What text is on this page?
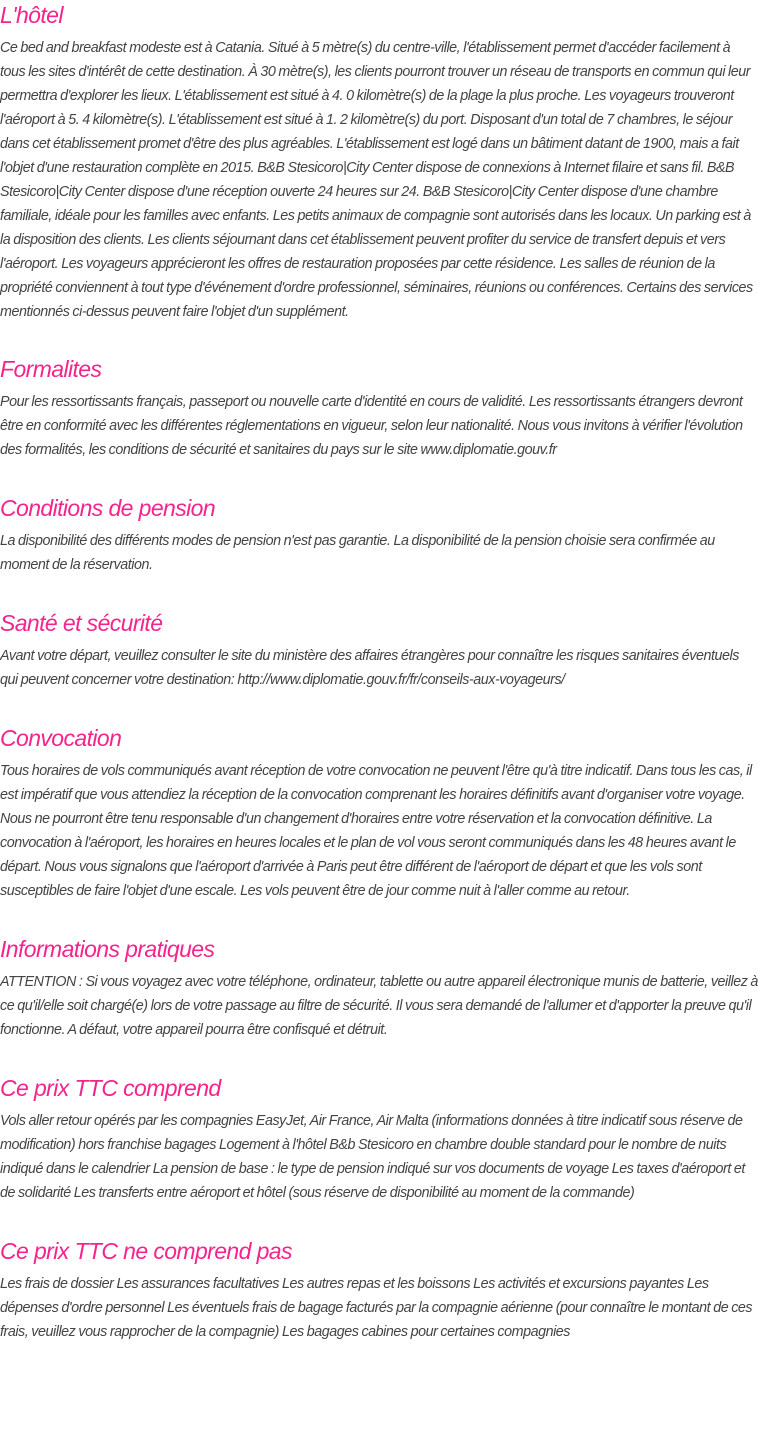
L'hôtel

Ce bed and breakfast modeste est à Catania. Situé à 5 mètre(s) du centre-ville, l'établissement permet d'accéder facilement à tous les sites d'intérêt de cette destination. À 30 mètre(s), les clients pourront trouver un réseau de transports en commun qui leur permettra d'explorer les lieux. L'établissement est situé à 4. 0 kilomètre(s) de la plage la plus proche. Les voyageurs trouveront l'aéroport à 5. 4 kilomètre(s). L'établissement est situé à 1. 2 kilomètre(s) du port. Disposant d'un total de 7 chambres, le séjour dans cet établissement promet d'être des plus agréables. L'établissement est logé dans un bâtiment datant de 1900, mais a fait l'objet d'une restauration complète en 2015. B&B Stesicoro|City Center dispose de connexions à Internet filaire et sans fil. B&B Stesicoro|City Center dispose d'une réception ouverte 24 heures sur 24. B&B Stesicoro|City Center dispose d'une chambre familiale, idéale pour les familles avec enfants. Les petits animaux de compagnie sont autorisés dans les locaux. Un parking est à la disposition des clients. Les clients séjournant dans cet établissement peuvent profiter du service de transfert depuis et vers l'aéroport. Les voyageurs apprécieront les offres de restauration proposées par cette résidence. Les salles de réunion de la propriété conviennent à tout type d'événement d'ordre professionnel, séminaires, réunions ou conférences. Certains des services mentionnés ci-dessus peuvent faire l'objet d'un supplément.

Formalites

Pour les ressortissants français, passeport ou nouvelle carte d'identité en cours de validité. Les ressortissants étrangers devront être en conformité avec les différentes réglementations en vigueur, selon leur nationalité. Nous vous invitons à vérifier l'évolution des formalités, les conditions de sécurité et sanitaires du pays sur le site www.diplomatie.gouv.fr

Conditions de pension

La disponibilité des différents modes de pension n'est pas garantie. La disponibilité de la pension choisie sera confirmée au moment de la réservation.

Santé et sécurité

Avant votre départ, veuillez consulter le site du ministère des affaires étrangères pour connaître les risques sanitaires éventuels qui peuvent concerner votre destination: http://www.diplomatie.gouv.fr/fr/conseils-aux-voyageurs/

Convocation

Tous horaires de vols communiqués avant réception de votre convocation ne peuvent l'être qu'à titre indicatif. Dans tous les cas, il est impératif que vous attendiez la réception de la convocation comprenant les horaires définitifs avant d'organiser votre voyage. Nous ne pourront être tenu responsable d'un changement d'horaires entre votre réservation et la convocation définitive. La convocation à l'aéroport, les horaires en heures locales et le plan de vol vous seront communiqués dans les 48 heures avant le départ. Nous vous signalons que l'aéroport d'arrivée à Paris peut être différent de l'aéroport de départ et que les vols sont susceptibles de faire l'objet d'une escale. Les vols peuvent être de jour comme nuit à l'aller comme au retour.

Informations pratiques

ATTENTION : Si vous voyagez avec votre téléphone, ordinateur, tablette ou autre appareil électronique munis de batterie, veillez à ce qu'il/elle soit chargé(e) lors de votre passage au filtre de sécurité. Il vous sera demandé de l'allumer et d'apporter la preuve qu'il fonctionne. A défaut, votre appareil pourra être confisqué et détruit.

Ce prix TTC comprend

Vols aller retour opérés par les compagnies EasyJet, Air France, Air Malta (informations données à titre indicatif sous réserve de modification) hors franchise bagages Logement à l'hôtel B&b Stesicoro en chambre double standard pour le nombre de nuits indiqué dans le calendrier La pension de base : le type de pension indiqué sur vos documents de voyage Les taxes d'aéroport et de solidarité Les transferts entre aéroport et hôtel (sous réserve de disponibilité au moment de la commande)

Ce prix TTC ne comprend pas

Les frais de dossier Les assurances facultatives Les autres repas et les boissons Les activités et excursions payantes Les dépenses d'ordre personnel Les éventuels frais de bagage facturés par la compagnie aérienne (pour connaître le montant de ces frais, veuillez vous rapprocher de la compagnie) Les bagages cabines pour certaines compagnies
